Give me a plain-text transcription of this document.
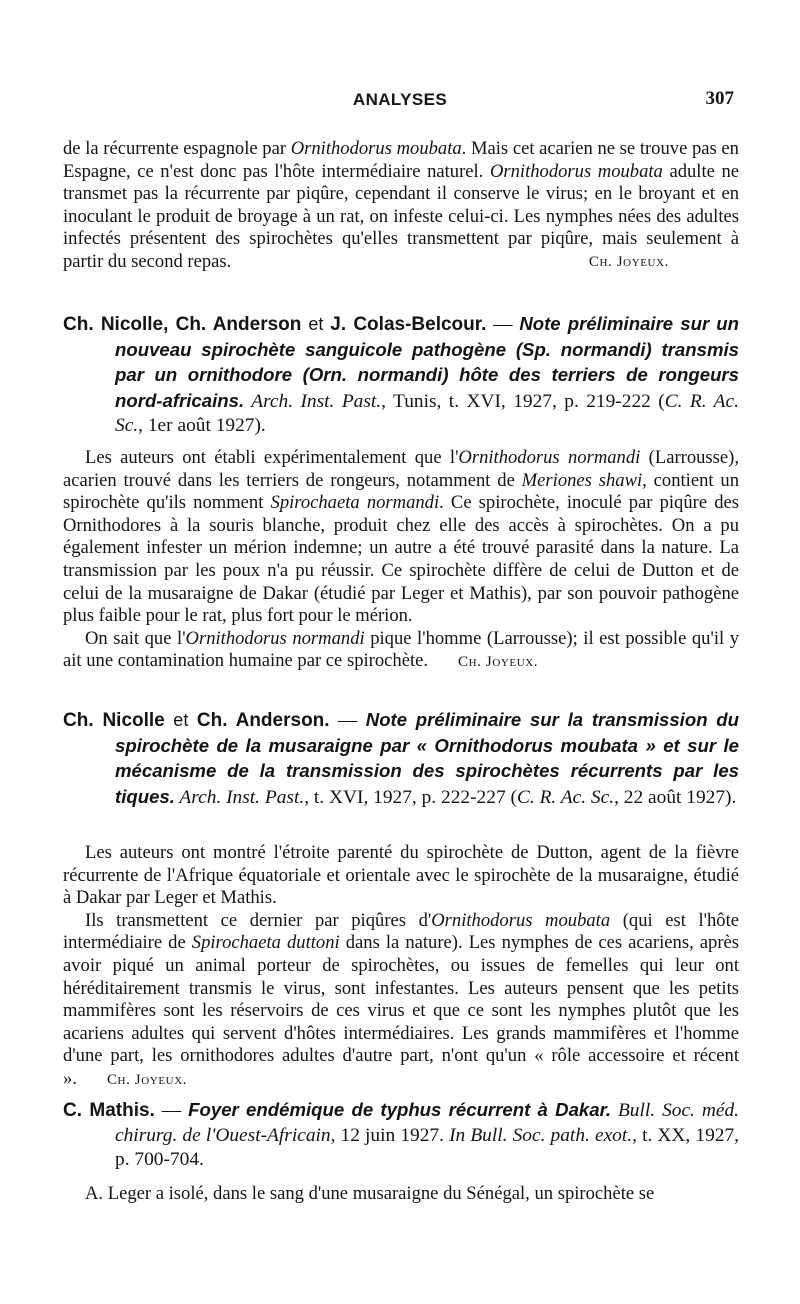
ANALYSES	307

de la récurrente espagnole par Ornithodorus moubata. Mais cet acarien ne se trouve pas en Espagne, ce n'est donc pas l'hôte intermédiaire naturel. Ornithodorus moubata adulte ne transmet pas la récurrente par piqûre, cependant il conserve le virus; en le broyant et en inoculant le produit de broyage à un rat, on infeste celui-ci. Les nymphes nées des adultes infectés présentent des spirochètes qu'elles transmettent par piqûre, mais seulement à partir du second repas.	Ch. Joyeux.

Ch. Nicolle, Ch. Anderson et J. Colas-Belcour. — Note préliminaire sur un nouveau spirochète sanguicole pathogène (Sp. normandi) transmis par un ornithodore (Orn. normandi) hôte des terriers de rongeurs nord-africains. Arch. Inst. Past., Tunis, t. XVI, 1927, p. 219-222 (C. R. Ac. Sc., 1er août 1927).

Les auteurs ont établi expérimentalement que l'Ornithodorus normandi (Larrousse), acarien trouvé dans les terriers de rongeurs, notamment de Meriones shawi, contient un spirochète qu'ils nomment Spirochaeta normandi. Ce spirochète, inoculé par piqûre des Ornithodores à la souris blanche, produit chez elle des accès à spirochètes. On a pu également infester un mérion indemne; un autre a été trouvé parasité dans la nature. La transmission par les poux n'a pu réussir. Ce spirochète diffère de celui de Dutton et de celui de la musaraigne de Dakar (étudié par Leger et Mathis), par son pouvoir pathogène plus faible pour le rat, plus fort pour le mérion.

On sait que l'Ornithodorus normandi pique l'homme (Larrousse); il est possible qu'il y ait une contamination humaine par ce spirochète. Ch. Joyeux.

Ch. Nicolle et Ch. Anderson. — Note préliminaire sur la transmission du spirochète de la musaraigne par « Ornithodorus moubata » et sur le mécanisme de la transmission des spirochètes récurrents par les tiques. Arch. Inst. Past., t. XVI, 1927, p. 222-227 (C. R. Ac. Sc., 22 août 1927).

Les auteurs ont montré l'étroite parenté du spirochète de Dutton, agent de la fièvre récurrente de l'Afrique équatoriale et orientale avec le spirochète de la musaraigne, étudié à Dakar par Leger et Mathis.

Ils transmettent ce dernier par piqûres d'Ornithodorus moubata (qui est l'hôte intermédiaire de Spirochaeta duttoni dans la nature). Les nymphes de ces acariens, après avoir piqué un animal porteur de spirochètes, ou issues de femelles qui leur ont héréditairement transmis le virus, sont infestantes. Les auteurs pensent que les petits mammifères sont les réservoirs de ces virus et que ce sont les nymphes plutôt que les acariens adultes qui servent d'hôtes intermédiaires. Les grands mammifères et l'homme d'une part, les ornithodores adultes d'autre part, n'ont qu'un « rôle accessoire et récent ». Ch. Joyeux.

C. Mathis. — Foyer endémique de typhus récurrent à Dakar. Bull. Soc. méd. chirurg. de l'Ouest-Africain, 12 juin 1927. In Bull. Soc. path. exot., t. XX, 1927, p. 700-704.

A. Leger a isolé, dans le sang d'une musaraigne du Sénégal, un spirochète se
